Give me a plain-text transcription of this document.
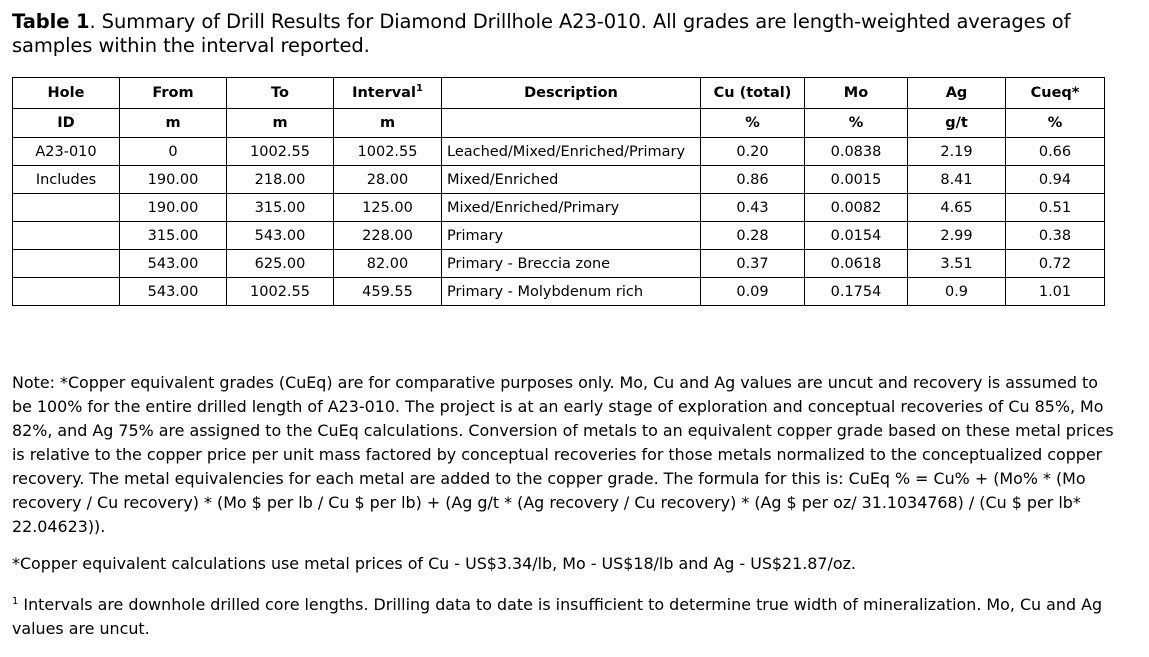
Table 1. Summary of Drill Results for Diamond Drillhole A23-010. All grades are length-weighted averages of samples within the interval reported.
Hole	From	To	Interval$^1$	Description	Cu (total)	Mo	Ag	Cueq*
ID	m	m	m		%	%	g/t	%
A23-010	0	1002.55	1002.55	Leached/Mixed/Enriched/Primary	0.20	0.0838	2.19	0.66
Includes	190.00	218.00	28.00	Mixed/Enriched	0.86	0.0015	8.41	0.94
	190.00	315.00	125.00	Mixed/Enriched/Primary	0.43	0.0082	4.65	0.51
	315.00	543.00	228.00	Primary	0.28	0.0154	2.99	0.38
	543.00	625.00	82.00	Primary - Breccia zone	0.37	0.0618	3.51	0.72
	543.00	1002.55	459.55	Primary - Molybdenum rich	0.09	0.1754	0.9	1.01

Note: *Copper equivalent grades (CuEq) are for comparative purposes only. Mo, Cu and Ag values are uncut and recovery is assumed to be 100% for the entire drilled length of A23-010. The project is at an early stage of exploration and conceptual recoveries of Cu 85%, Mo 82%, and Ag 75% are assigned to the CuEq calculations. Conversion of metals to an equivalent copper grade based on these metal prices is relative to the copper price per unit mass factored by conceptual recoveries for those metals normalized to the conceptualized copper recovery. The metal equivalencies for each metal are added to the copper grade. The formula for this is: CuEq % = Cu% + (Mo% * (Mo recovery / Cu recovery) * (Mo $ per lb / Cu $ per lb) + (Ag g/t * (Ag recovery / Cu recovery) * (Ag $ per oz/ 31.1034768) / (Cu $ per lb* 22.04623)).

*Copper equivalent calculations use metal prices of Cu - US$3.34/lb, Mo - US$18/lb and Ag - US$21.87/oz.

$^1$ Intervals are downhole drilled core lengths. Drilling data to date is insufficient to determine true width of mineralization. Mo, Cu and Ag values are uncut.
